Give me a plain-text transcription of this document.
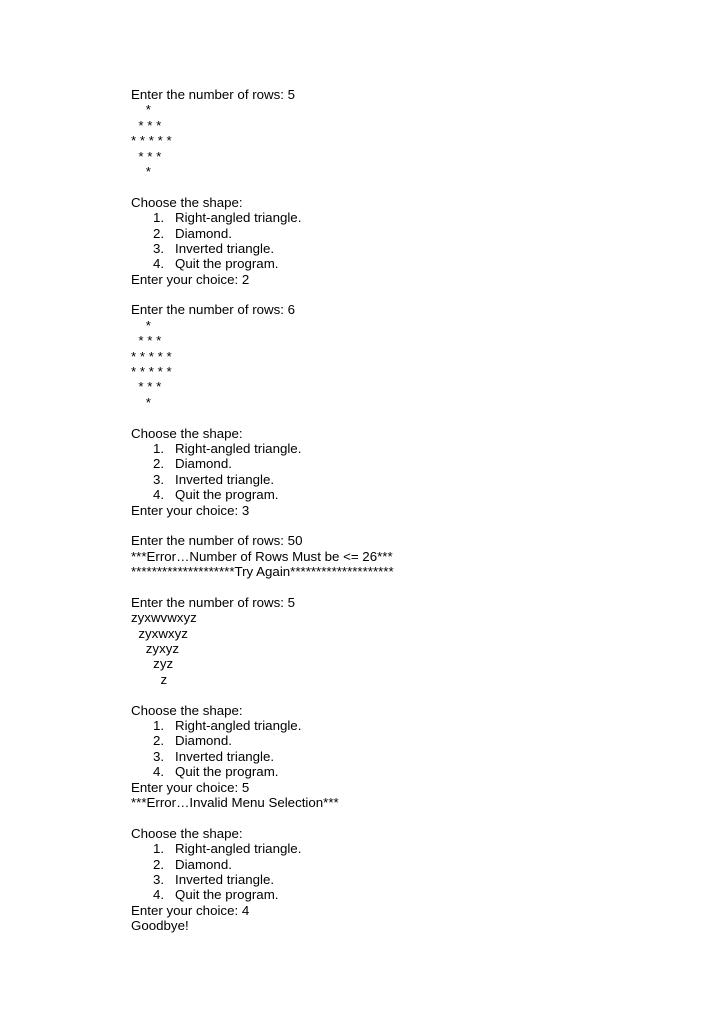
Enter the number of rows: 5
*
* * *
* * * * *
* * *
*
Choose the shape:
1. Right-angled triangle.
2. Diamond.
3. Inverted triangle.
4. Quit the program.
Enter your choice: 2
Enter the number of rows: 6
*
* * *
* * * * *
* * * * *
* * *
*
Choose the shape:
1. Right-angled triangle.
2. Diamond.
3. Inverted triangle.
4. Quit the program.
Enter your choice: 3
Enter the number of rows: 50
***Error…Number of Rows Must be <= 26***
********************Try Again********************
Enter the number of rows: 5
zyxwvwxyz
zyxwxyz
zyxyz
zyz
z
Choose the shape:
1. Right-angled triangle.
2. Diamond.
3. Inverted triangle.
4. Quit the program.
Enter your choice: 5
***Error…Invalid Menu Selection***
Choose the shape:
1. Right-angled triangle.
2. Diamond.
3. Inverted triangle.
4. Quit the program.
Enter your choice: 4
Goodbye!
